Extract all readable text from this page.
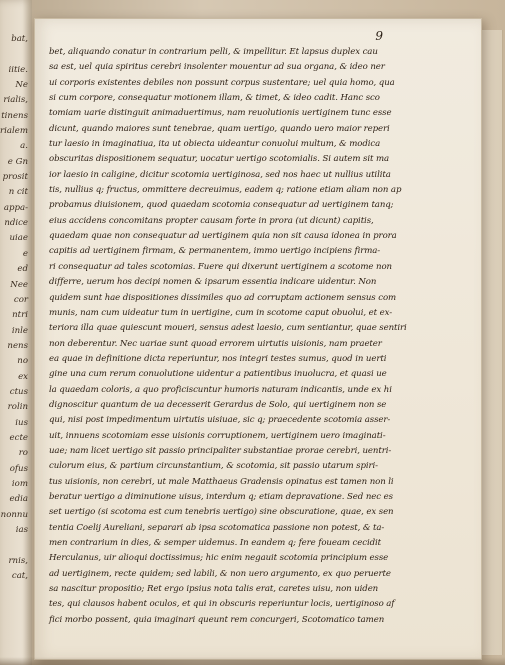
bat,

iitie.
Ne
rialis,
tinens
rialem
a.
e Gn
prosit
n cit
appa-
ndice
uiae
e
ed
Nee
cor
ntri
inle
nens
no
ex
ctus
rolin
ius
ecte
ro
ofus
iom
edia
nonnu
ias

rnis,
cat,
9
bet, aliquando conatur in contrarium pelli, & impellitur. Et lapsus duplex cau
sa est, uel quia spiritus cerebri insolenter mouentur ad sua organa, & ideo ner
ui corporis existentes debiles non possunt corpus sustentare; uel quia homo, qua
si cum corpore, consequatur motionem illam, & timet, & ideo cadit. Hanc sco
tomiam uarie distinguit animaduertimus, nam reuolutionis uertiginem tunc esse
dicunt, quando maiores sunt tenebrae, quam uertigo, quando uero maior reperi
tur laesio in imaginatiua, ita ut obiecta uideantur conuolui multum, & modica
obscuritas dispositionem sequatur, uocatur uertigo scotomialis. Si autem sit ma
ior laesio in caligine, dicitur scotomia uertiginosa, sed nos haec ut nullius utilita
tis, nullius q; fructus, ommittere decreuimus, eadem q; ratione etiam aliam non ap
probamus diuisionem, quod quaedam scotomia consequatur ad uertiginem tanq;
eius accidens concomitans propter causam forte in prora (ut dicunt) capitis,
quaedam quae non consequatur ad uertiginem quia non sit causa idonea in prora
capitis ad uertiginem firmam, & permanentem, immo uertigo incipiens firma-
ri consequatur ad tales scotomias. Fuere qui dixerunt uertiginem a scotome non
differre, uerum hos decipi nomen & ipsarum essentia indicare uidentur. Non
quidem sunt hae dispositiones dissimiles quo ad corruptam actionem sensus com
munis, nam cum uideatur tum in uertigine, cum in scotome caput obuolui, et ex-
teriora illa quae quiescunt moueri, sensus adest laesio, cum sentiantur, quae sentiri
non deberentur. Nec uariae sunt quoad errorem uirtutis uisionis, nam praeter
ea quae in definitione dicta reperiuntur, nos integri testes sumus, quod in uerti
gine una cum rerum conuolutione uidentur a patientibus inuolucra, et quasi ue
la quaedam coloris, a quo proficiscuntur humoris naturam indicantis, unde ex hi
dignoscitur quantum de ua decesserit Gerardus de Solo, qui uertiginem non se
qui, nisi post impedimentum uirtutis uisiuae, sic q; praecedente scotomia asser-
uit, innuens scotomiam esse uisionis corruptionem, uertiginem uero imaginati-
uae; nam licet uertigo sit passio principaliter substantiae prorae cerebri, uentri-
culorum eius, & partium circunstantium, & scotomia, sit passio utarum spiri-
tus uisionis, non cerebri, ut male Matthaeus Gradensis opinatus est tamen non li
beratur uertigo a diminutione uisus, interdum q; etiam depravatione. Sed nec es
set uertigo (si scotoma est cum tenebris uertigo) sine obscuratione, quae, ex sen
tentia Coelij Aureliani, separari ab ipsa scotomatica passione non potest, & ta-
men contrarium in dies, & semper uidemus. In eandem q; fere foueam cecidit
Herculanus, uir alioqui doctissimus; hic enim negauit scotomia principium esse
ad uertiginem, recte quidem; sed labili, & non uero argumento, ex quo peruerte
sa nascitur propositio; Ret ergo ipsius nota talis erat, caretes uisu, non uiden
tes, qui clausos habent oculos, et qui in obscuris reperiuntur locis, uertiginoso af
fici morbo possent, quia imaginari queunt rem concurgeri, Scotomatico tamen
